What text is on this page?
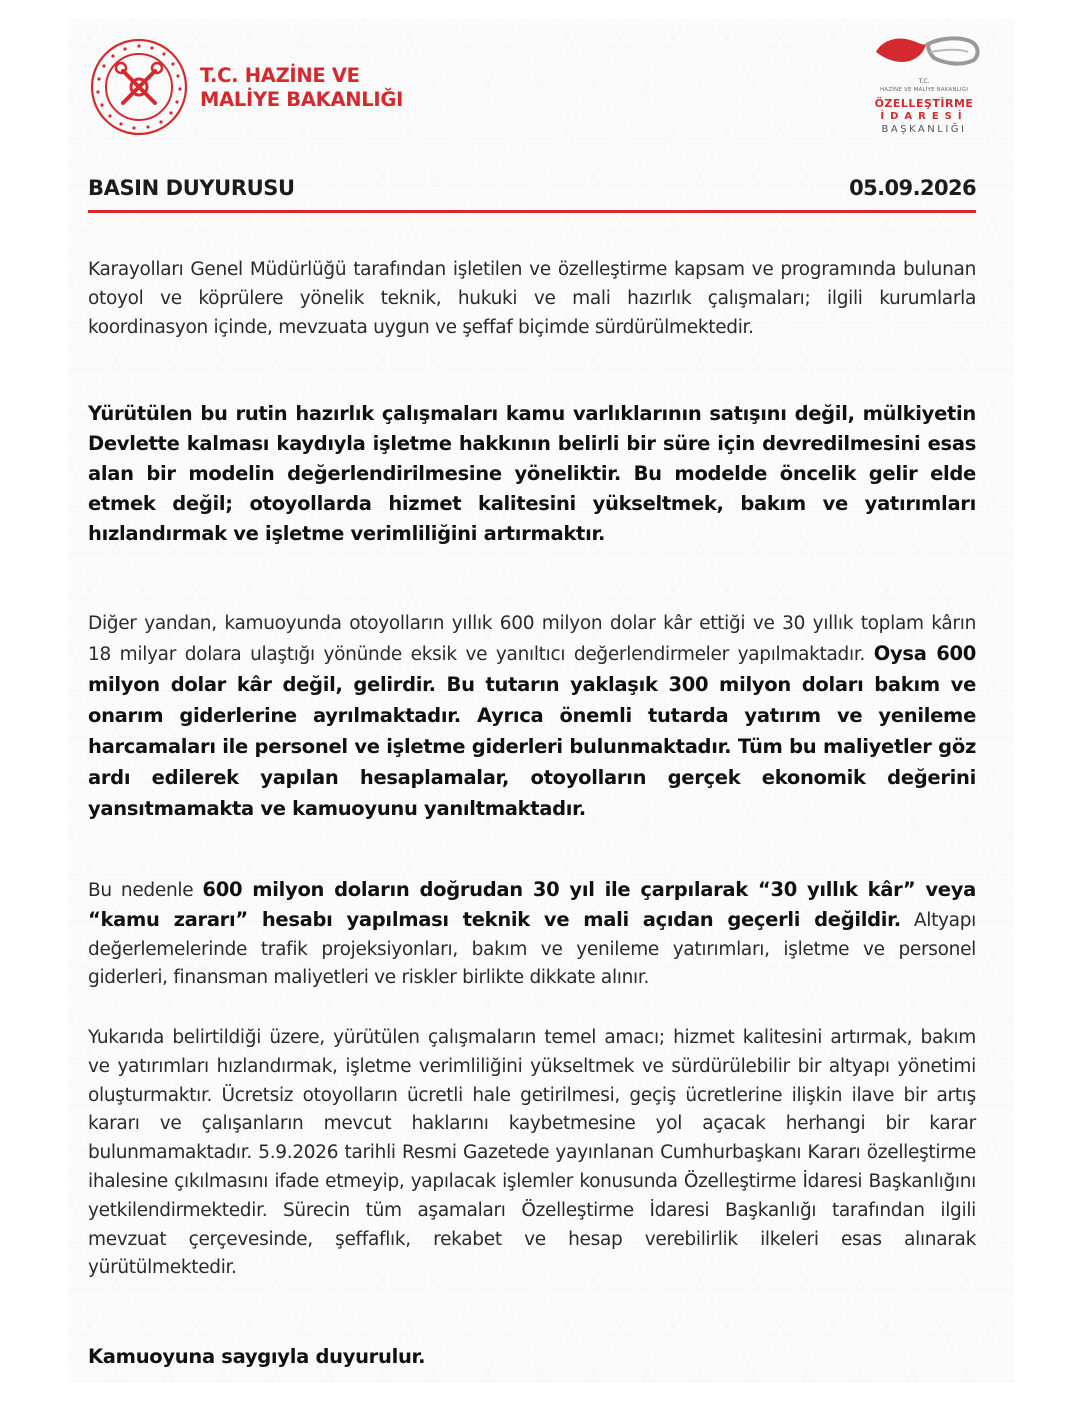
T.C. HAZİNE VE
MALİYE BAKANLIĞI
T.C.
HAZİNE VE MALİYE BAKANLIĞI
ÖZELLEŞTİRME
İDARESİ
BAŞKANLIĞI
BASIN DUYURUSU	05.09.2026

Karayolları Genel Müdürlüğü tarafından işletilen ve özelleştirme kapsam ve programında bulunan otoyol ve köprülere yönelik teknik, hukuki ve mali hazırlık çalışmaları; ilgili kurumlarla koordinasyon içinde, mevzuata uygun ve şeffaf biçimde sürdürülmektedir.

Yürütülen bu rutin hazırlık çalışmaları kamu varlıklarının satışını değil, mülkiyetin Devlette kalması kaydıyla işletme hakkının belirli bir süre için devredilmesini esas alan bir modelin değerlendirilmesine yöneliktir. Bu modelde öncelik gelir elde etmek değil; otoyollarda hizmet kalitesini yükseltmek, bakım ve yatırımları hızlandırmak ve işletme verimliliğini artırmaktır.

Diğer yandan, kamuoyunda otoyolların yıllık 600 milyon dolar kâr ettiği ve 30 yıllık toplam kârın 18 milyar dolara ulaştığı yönünde eksik ve yanıltıcı değerlendirmeler yapılmaktadır. Oysa 600 milyon dolar kâr değil, gelirdir. Bu tutarın yaklaşık 300 milyon doları bakım ve onarım giderlerine ayrılmaktadır. Ayrıca önemli tutarda yatırım ve yenileme harcamaları ile personel ve işletme giderleri bulunmaktadır. Tüm bu maliyetler göz ardı edilerek yapılan hesaplamalar, otoyolların gerçek ekonomik değerini yansıtmamakta ve kamuoyunu yanıltmaktadır.

Bu nedenle 600 milyon doların doğrudan 30 yıl ile çarpılarak “30 yıllık kâr” veya “kamu zararı” hesabı yapılması teknik ve mali açıdan geçerli değildir. Altyapı değerlemelerinde trafik projeksiyonları, bakım ve yenileme yatırımları, işletme ve personel giderleri, finansman maliyetleri ve riskler birlikte dikkate alınır.

Yukarıda belirtildiği üzere, yürütülen çalışmaların temel amacı; hizmet kalitesini artırmak, bakım ve yatırımları hızlandırmak, işletme verimliliğini yükseltmek ve sürdürülebilir bir altyapı yönetimi oluşturmaktır. Ücretsiz otoyolların ücretli hale getirilmesi, geçiş ücretlerine ilişkin ilave bir artış kararı ve çalışanların mevcut haklarını kaybetmesine yol açacak herhangi bir karar bulunmamaktadır. 5.9.2026 tarihli Resmi Gazetede yayınlanan Cumhurbaşkanı Kararı özelleştirme ihalesine çıkılmasını ifade etmeyip, yapılacak işlemler konusunda Özelleştirme İdaresi Başkanlığını yetkilendirmektedir. Sürecin tüm aşamaları Özelleştirme İdaresi Başkanlığı tarafından ilgili mevzuat çerçevesinde, şeffaflık, rekabet ve hesap verebilirlik ilkeleri esas alınarak yürütülmektedir.

Kamuoyuna saygıyla duyurulur.
